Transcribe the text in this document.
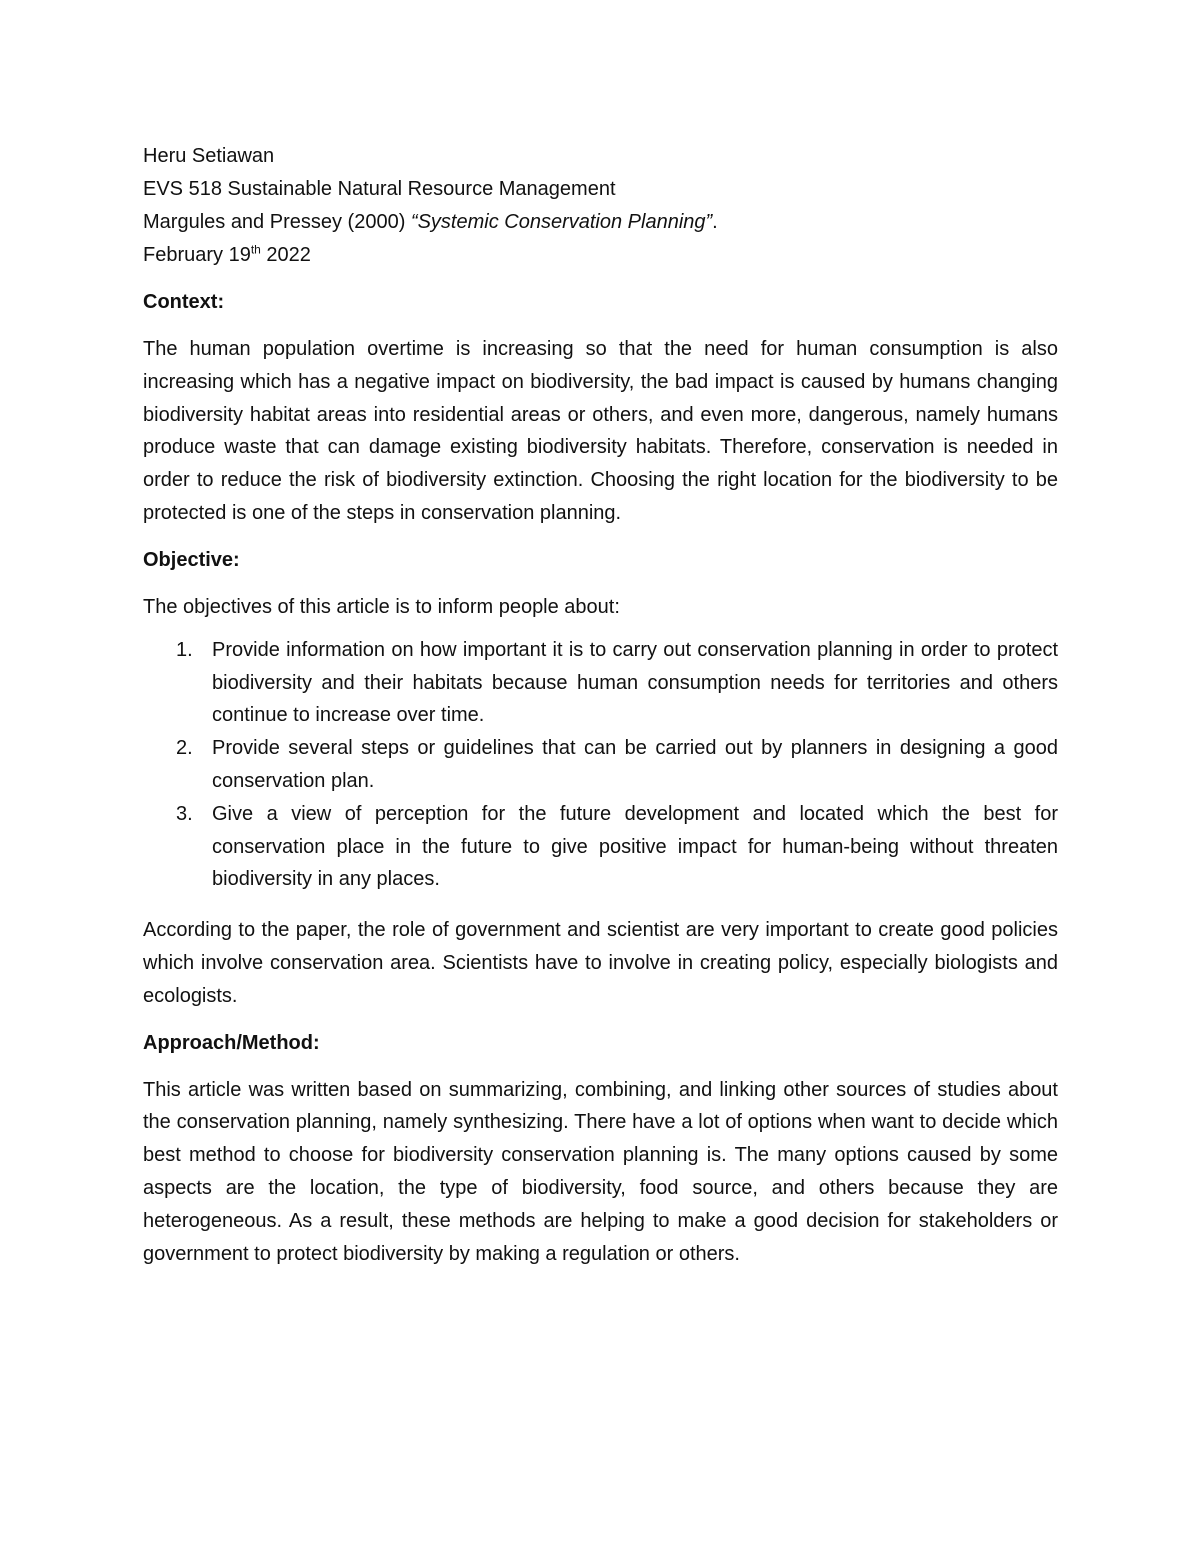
Heru Setiawan

EVS 518 Sustainable Natural Resource Management

Margules and Pressey (2000) “Systemic Conservation Planning”.

February 19th 2022

Context:

The human population overtime is increasing so that the need for human consumption is also increasing which has a negative impact on biodiversity, the bad impact is caused by humans changing biodiversity habitat areas into residential areas or others, and even more, dangerous, namely humans produce waste that can damage existing biodiversity habitats. Therefore, conservation is needed in order to reduce the risk of biodiversity extinction. Choosing the right location for the biodiversity to be protected is one of the steps in conservation planning.

Objective:

The objectives of this article is to inform people about:

1. Provide information on how important it is to carry out conservation planning in order to protect biodiversity and their habitats because human consumption needs for territories and others continue to increase over time.
2. Provide several steps or guidelines that can be carried out by planners in designing a good conservation plan.
3. Give a view of perception for the future development and located which the best for conservation place in the future to give positive impact for human-being without threaten biodiversity in any places.

According to the paper, the role of government and scientist are very important to create good policies which involve conservation area. Scientists have to involve in creating policy, especially biologists and ecologists.

Approach/Method:

This article was written based on summarizing, combining, and linking other sources of studies about the conservation planning, namely synthesizing. There have a lot of options when want to decide which best method to choose for biodiversity conservation planning is. The many options caused by some aspects are the location, the type of biodiversity, food source, and others because they are heterogeneous. As a result, these methods are helping to make a good decision for stakeholders or government to protect biodiversity by making a regulation or others.
